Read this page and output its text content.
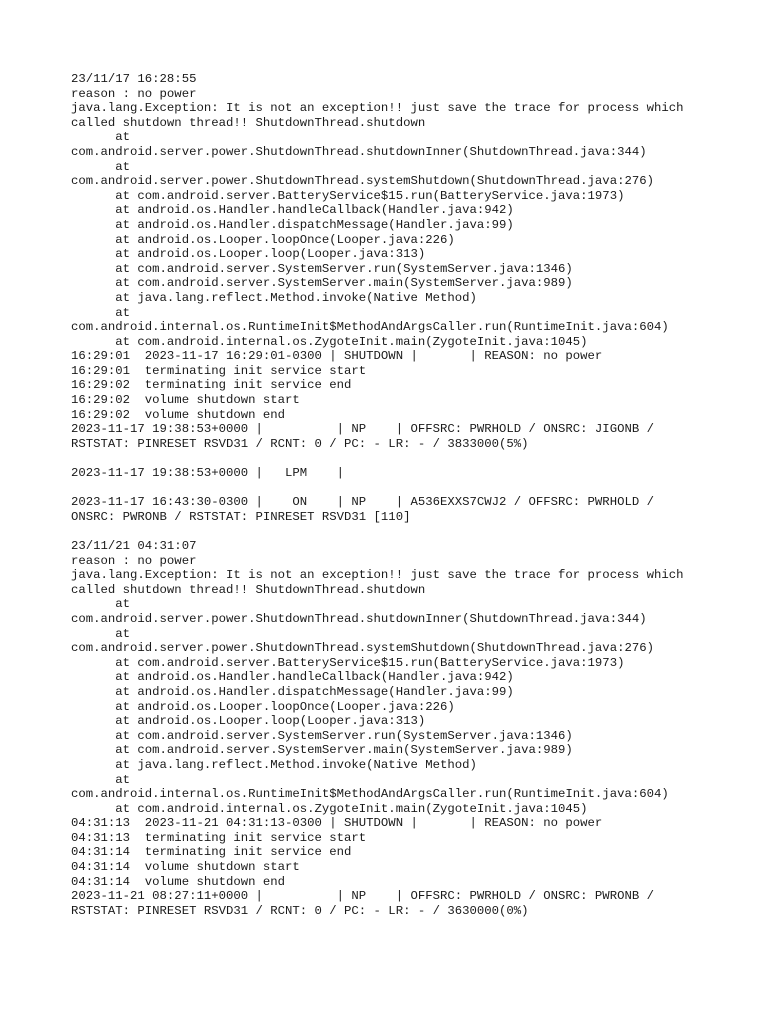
23/11/17 16:28:55
reason : no power
java.lang.Exception: It is not an exception!! just save the trace for process which
called shutdown thread!! ShutdownThread.shutdown
at
com.android.server.power.ShutdownThread.shutdownInner(ShutdownThread.java:344)
at
com.android.server.power.ShutdownThread.systemShutdown(ShutdownThread.java:276)
at com.android.server.BatteryService$15.run(BatteryService.java:1973)
at android.os.Handler.handleCallback(Handler.java:942)
at android.os.Handler.dispatchMessage(Handler.java:99)
at android.os.Looper.loopOnce(Looper.java:226)
at android.os.Looper.loop(Looper.java:313)
at com.android.server.SystemServer.run(SystemServer.java:1346)
at com.android.server.SystemServer.main(SystemServer.java:989)
at java.lang.reflect.Method.invoke(Native Method)
at
com.android.internal.os.RuntimeInit$MethodAndArgsCaller.run(RuntimeInit.java:604)
at com.android.internal.os.ZygoteInit.main(ZygoteInit.java:1045)
16:29:01  2023-11-17 16:29:01-0300 | SHUTDOWN |       | REASON: no power
16:29:01  terminating init service start
16:29:02  terminating init service end
16:29:02  volume shutdown start
16:29:02  volume shutdown end
2023-11-17 19:38:53+0000 |          | NP    | OFFSRC: PWRHOLD / ONSRC: JIGONB /
RSTSTAT: PINRESET RSVD31 / RCNT: 0 / PC: - LR: - / 3833000(5%)
2023-11-17 19:38:53+0000 |   LPM    |
2023-11-17 16:43:30-0300 |    ON    | NP    | A536EXXS7CWJ2 / OFFSRC: PWRHOLD /
ONSRC: PWRONB / RSTSTAT: PINRESET RSVD31 [110]
23/11/21 04:31:07
reason : no power
java.lang.Exception: It is not an exception!! just save the trace for process which
called shutdown thread!! ShutdownThread.shutdown
at
com.android.server.power.ShutdownThread.shutdownInner(ShutdownThread.java:344)
at
com.android.server.power.ShutdownThread.systemShutdown(ShutdownThread.java:276)
at com.android.server.BatteryService$15.run(BatteryService.java:1973)
at android.os.Handler.handleCallback(Handler.java:942)
at android.os.Handler.dispatchMessage(Handler.java:99)
at android.os.Looper.loopOnce(Looper.java:226)
at android.os.Looper.loop(Looper.java:313)
at com.android.server.SystemServer.run(SystemServer.java:1346)
at com.android.server.SystemServer.main(SystemServer.java:989)
at java.lang.reflect.Method.invoke(Native Method)
at
com.android.internal.os.RuntimeInit$MethodAndArgsCaller.run(RuntimeInit.java:604)
at com.android.internal.os.ZygoteInit.main(ZygoteInit.java:1045)
04:31:13  2023-11-21 04:31:13-0300 | SHUTDOWN |       | REASON: no power
04:31:13  terminating init service start
04:31:14  terminating init service end
04:31:14  volume shutdown start
04:31:14  volume shutdown end
2023-11-21 08:27:11+0000 |          | NP    | OFFSRC: PWRHOLD / ONSRC: PWRONB /
RSTSTAT: PINRESET RSVD31 / RCNT: 0 / PC: - LR: - / 3630000(0%)
